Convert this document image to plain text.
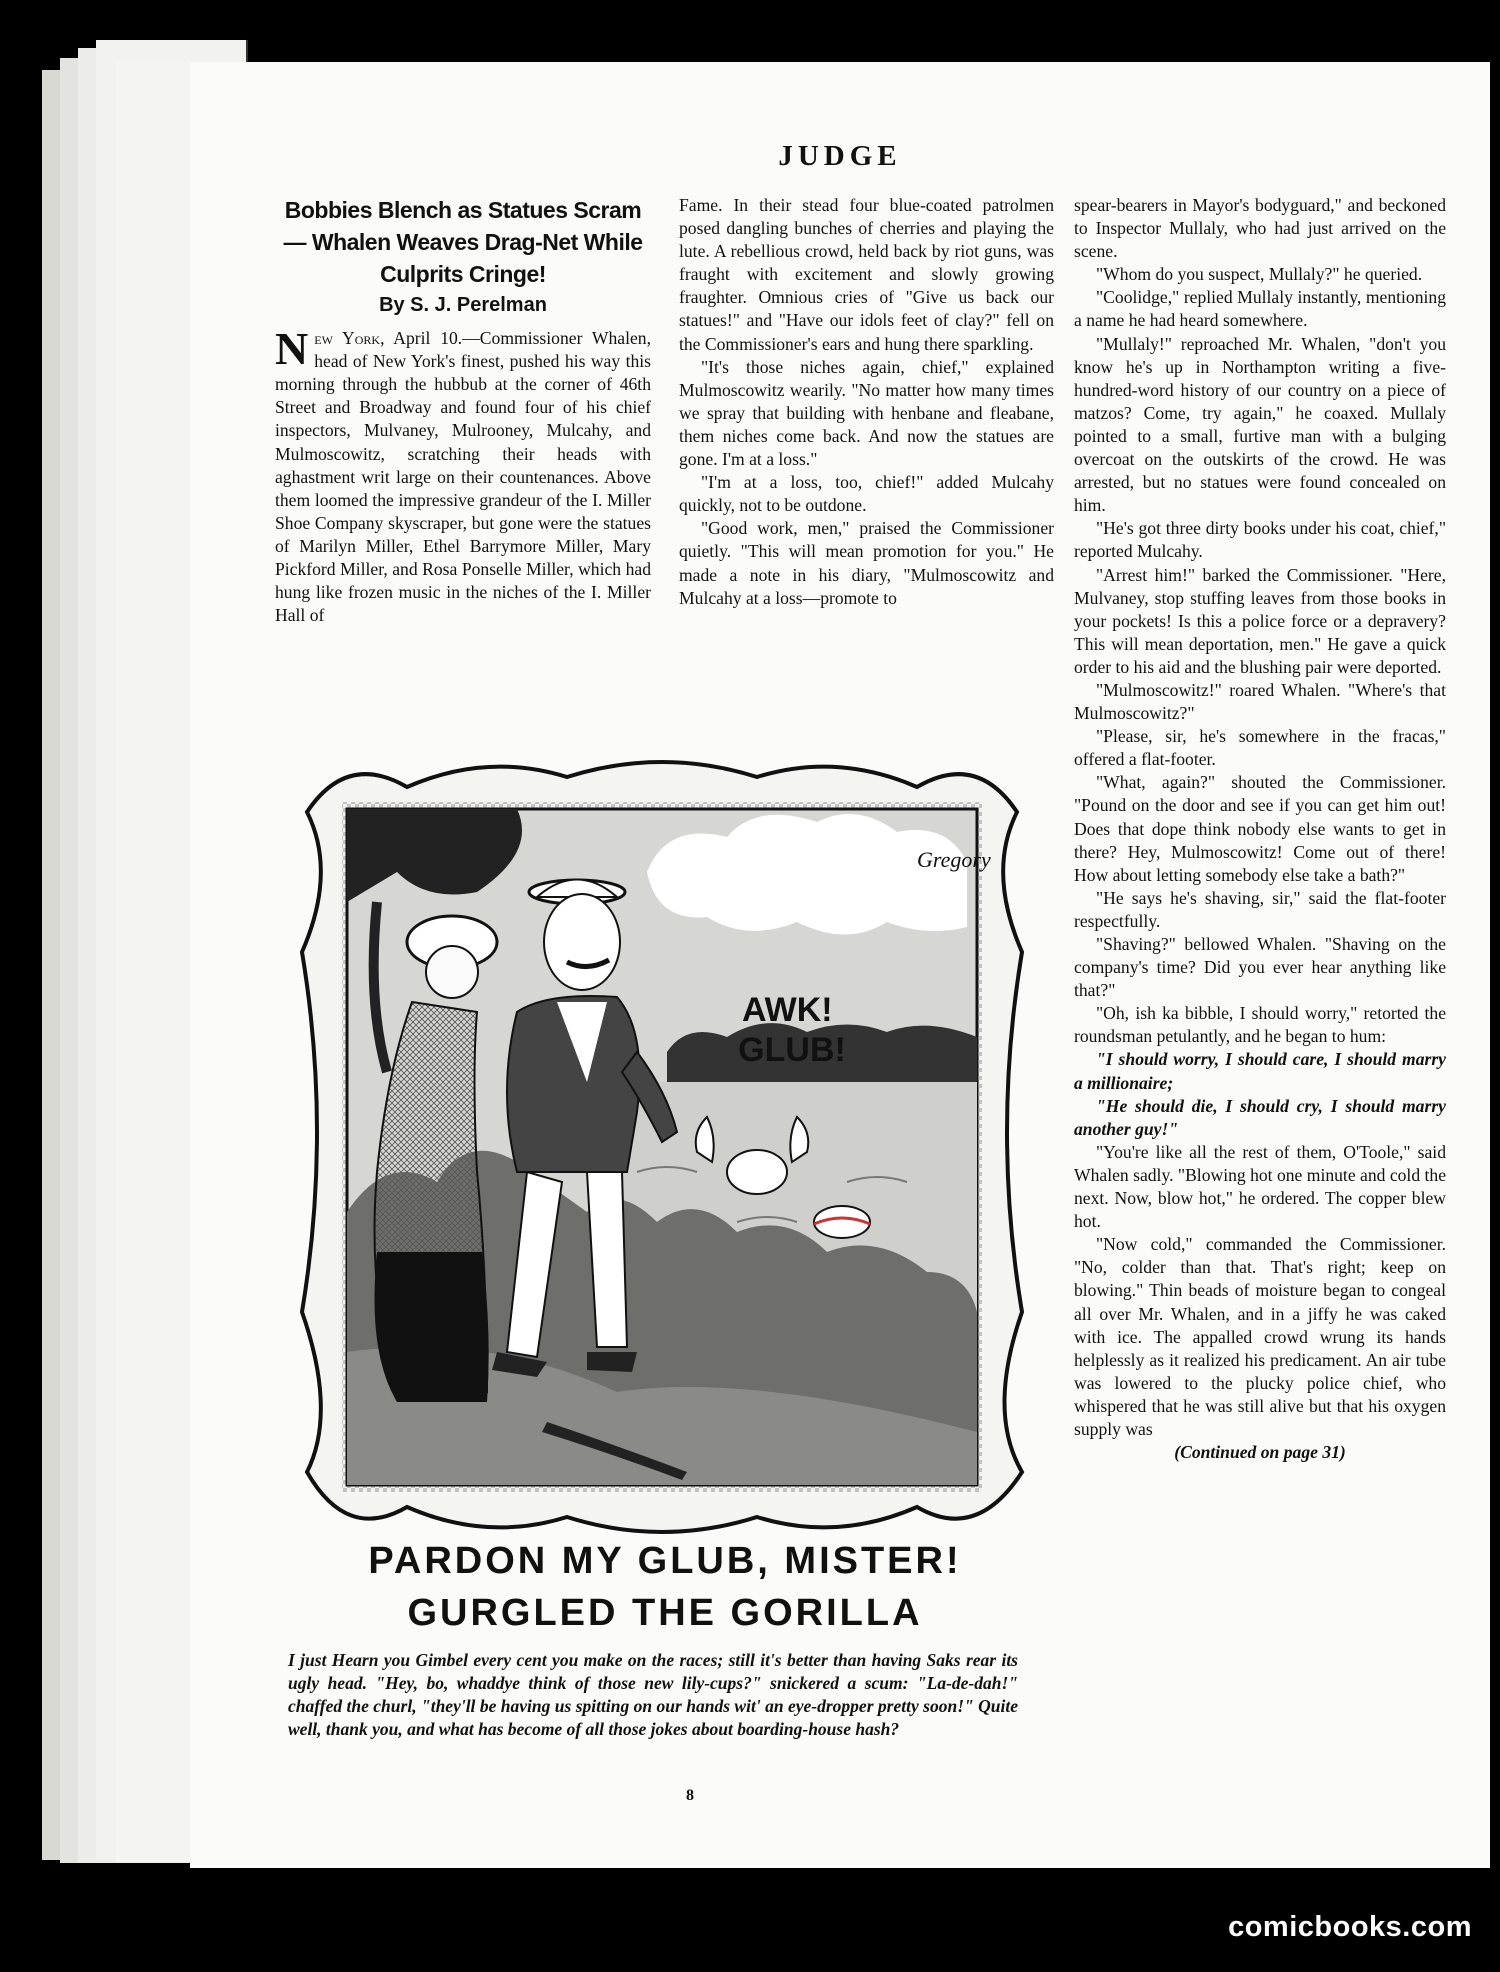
JUDGE
Bobbies Blench as Statues Scram— Whalen Weaves Drag-Net While Culprits Cringe!
By S. J. Perelman

New York, April 10.—Commissioner Whalen, head of New York's finest, pushed his way this morning through the hubbub at the corner of 46th Street and Broadway and found four of his chief inspectors, Mulvaney, Mulrooney, Mulcahy, and Mulmoscowitz, scratching their heads with aghastment writ large on their countenances. Above them loomed the impressive grandeur of the I. Miller Shoe Company skyscraper, but gone were the statues of Marilyn Miller, Ethel Barrymore Miller, Mary Pickford Miller, and Rosa Ponselle Miller, which had hung like frozen music in the niches of the I. Miller Hall of

Fame. In their stead four blue-coated patrolmen posed dangling bunches of cherries and playing the lute. A rebellious crowd, held back by riot guns, was fraught with excitement and slowly growing fraughter. Omnious cries of "Give us back our statues!" and "Have our idols feet of clay?" fell on the Commissioner's ears and hung there sparkling.

"It's those niches again, chief," explained Mulmoscowitz wearily. "No matter how many times we spray that building with henbane and fleabane, them niches come back. And now the statues are gone. I'm at a loss."

"I'm at a loss, too, chief!" added Mulcahy quickly, not to be outdone.

"Good work, men," praised the Commissioner quietly. "This will mean promotion for you." He made a note in his diary, "Mulmoscowitz and Mulcahy at a loss—promote to

spear-bearers in Mayor's bodyguard," and beckoned to Inspector Mullaly, who had just arrived on the scene.

"Whom do you suspect, Mullaly?" he queried.

"Coolidge," replied Mullaly instantly, mentioning a name he had heard somewhere.

"Mullaly!" reproached Mr. Whalen, "don't you know he's up in Northampton writing a five-hundred-word history of our country on a piece of matzos? Come, try again," he coaxed. Mullaly pointed to a small, furtive man with a bulging overcoat on the outskirts of the crowd. He was arrested, but no statues were found concealed on him.

"He's got three dirty books under his coat, chief," reported Mulcahy.

"Arrest him!" barked the Commissioner. "Here, Mulvaney, stop stuffing leaves from those books in your pockets! Is this a police force or a depravery? This will mean deportation, men." He gave a quick order to his aid and the blushing pair were deported.

"Mulmoscowitz!" roared Whalen. "Where's that Mulmoscowitz?"

"Please, sir, he's somewhere in the fracas," offered a flat-footer.

"What, again?" shouted the Commissioner. "Pound on the door and see if you can get him out! Does that dope think nobody else wants to get in there? Hey, Mulmoscowitz! Come out of there! How about letting somebody else take a bath?"

"He says he's shaving, sir," said the flat-footer respectfully.

"Shaving?" bellowed Whalen. "Shaving on the company's time? Did you ever hear anything like that?"

"Oh, ish ka bibble, I should worry," retorted the roundsman petulantly, and he began to hum:

"I should worry, I should care, I should marry a millionaire;

"He should die, I should cry, I should marry another guy!"

"You're like all the rest of them, O'Toole," said Whalen sadly. "Blowing hot one minute and cold the next. Now, blow hot," he ordered. The copper blew hot.

"Now cold," commanded the Commissioner. "No, colder than that. That's right; keep on blowing." Thin beads of moisture began to congeal all over Mr. Whalen, and in a jiffy he was caked with ice. The appalled crowd wrung its hands helplessly as it realized his predicament. An air tube was lowered to the plucky police chief, who whispered that he was still alive but that his oxygen supply was

(Continued on page 31)

AWK! GLUB!
Gregory
PARDON MY GLUB, MISTER!
GURGLED THE GORILLA
I just Hearn you Gimbel every cent you make on the races; still it's better than having Saks rear its ugly head. "Hey, bo, whaddye think of those new lily-cups?" snickered a scum: "La-de-dah!" chaffed the churl, "they'll be having us spitting on our hands wit' an eye-dropper pretty soon!" Quite well, thank you, and what has become of all those jokes about boarding-house hash?
8
comicbooks.com
